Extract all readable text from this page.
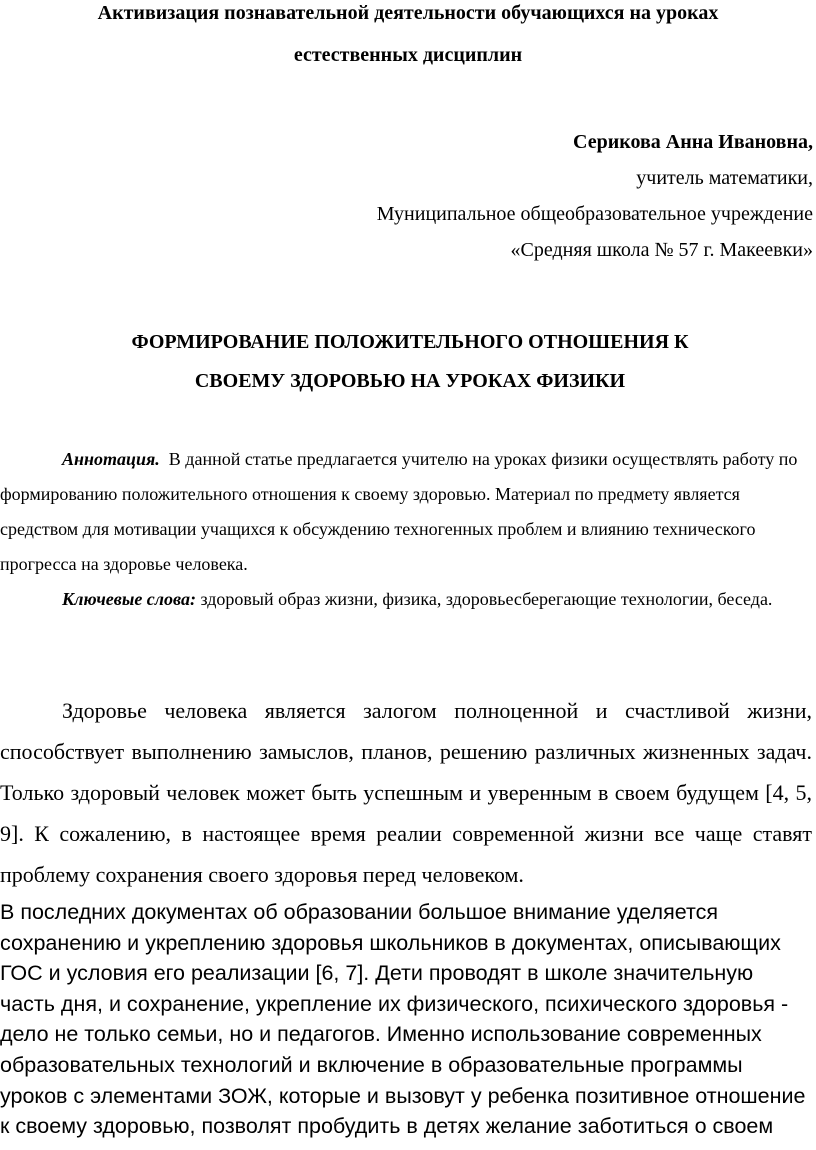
Активизация познавательной деятельности обучающихся на уроках
естественных дисциплин
Серикова Анна Ивановна,
учитель математики,
Муниципальное общеобразовательное учреждение
«Средняя школа № 57 г. Макеевки»
ФОРМИРОВАНИЕ ПОЛОЖИТЕЛЬНОГО ОТНОШЕНИЯ К
СВОЕМУ ЗДОРОВЬЮ НА УРОКАХ ФИЗИКИ

Аннотация. В данной статье предлагается учителю на уроках физики осуществлять работу по формированию положительного отношения к своему здоровью. Материал по предмету является средством для мотивации учащихся к обсуждению техногенных проблем и влиянию технического прогресса на здоровье человека.

Ключевые слова: здоровый образ жизни, физика, здоровьесберегающие технологии, беседа.

Здоровье человека является залогом полноценной и счастливой жизни, способствует выполнению замыслов, планов, решению различных жизненных задач. Только здоровый человек может быть успешным и уверенным в своем будущем [4, 5, 9]. К сожалению, в настоящее время реалии современной жизни все чаще ставят проблему сохранения своего здоровья перед человеком.

В последних документах об образовании большое внимание уделяется сохранению и укреплению здоровья школьников в документах, описывающих ГОС и условия его реализации [6, 7]. Дети проводят в школе значительную часть дня, и сохранение, укрепление их физического, психического здоровья - дело не только семьи, но и педагогов. Именно использование современных образовательных технологий и включение в образовательные программы уроков с элементами ЗОЖ, которые и вызовут у ребенка позитивное отношение к своему здоровью, позволят пробудить в детях желание заботиться о своем
